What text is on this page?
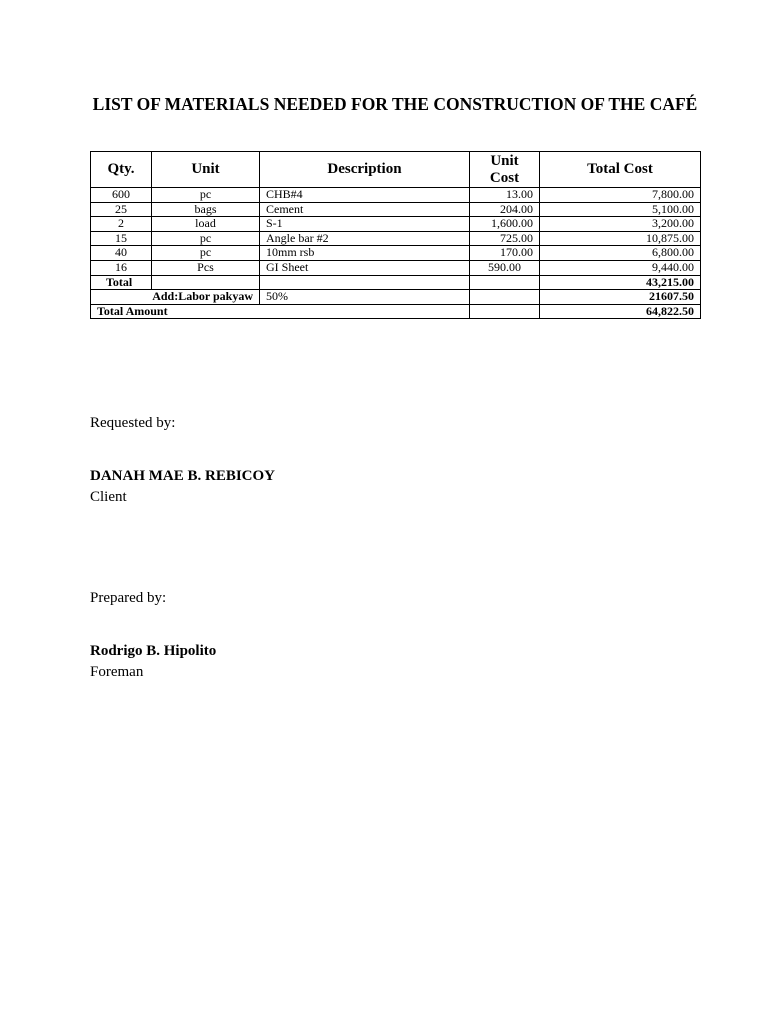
LIST OF MATERIALS NEEDED FOR THE CONSTRUCTION OF THE CAFÉ
Qty.	Unit	Description	Unit Cost	Total Cost
600	pc	CHB#4	13.00	7,800.00
25	bags	Cement	204.00	5,100.00
2	load	S-1	1,600.00	3,200.00
15	pc	Angle bar #2	725.00	10,875.00
40	pc	10mm rsb	170.00	6,800.00
16	Pcs	GI Sheet	590.00	9,440.00
Total				43,215.00
Add:Labor pakyaw		50%		21607.50
Total Amount				64,822.50

Requested by:

DANAH MAE B. REBICOY

Client

Prepared by:

Rodrigo B. Hipolito

Foreman
